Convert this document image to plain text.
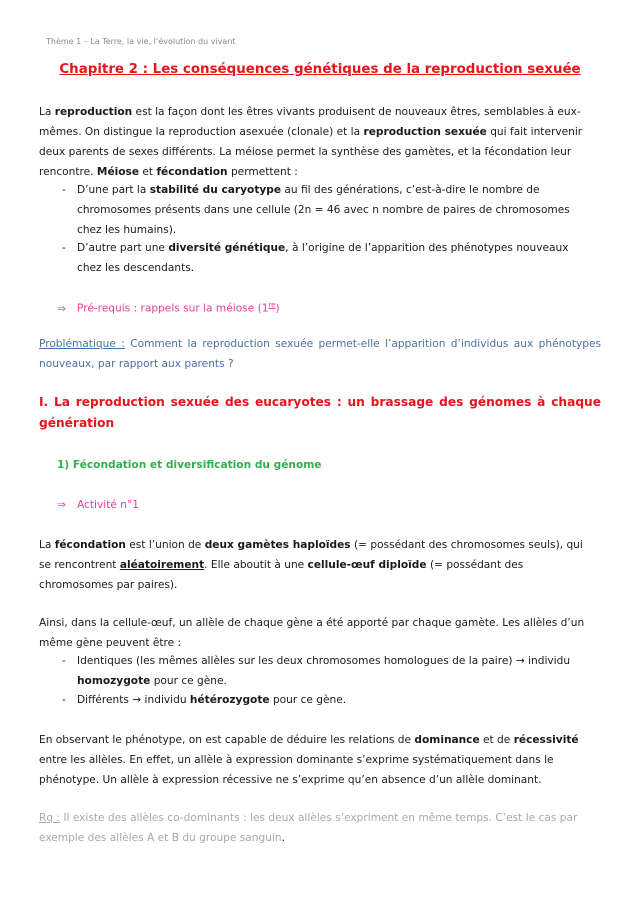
Thème 1 – La Terre, la vie, l’évolution du vivant
Chapitre 2 : Les conséquences génétiques de la reproduction sexuée
La reproduction est la façon dont les êtres vivants produisent de nouveaux êtres, semblables à eux-
mêmes. On distingue la reproduction asexuée (clonale) et la reproduction sexuée qui fait intervenir
deux parents de sexes différents. La méiose permet la synthèse des gamètes, et la fécondation leur
rencontre. Méiose et fécondation permettent :
- D’une part la stabilité du caryotype au fil des générations, c’est-à-dire le nombre de
chromosomes présents dans une cellule (2n = 46 avec n nombre de paires de chromosomes
chez les humains).
- D’autre part une diversité génétique, à l’origine de l’apparition des phénotypes nouveaux
chez les descendants.
⇒ Pré-requis : rappels sur la méiose (1re)
Problématique : Comment la reproduction sexuée permet-elle l’apparition d’individus aux phénotypes
nouveaux, par rapport aux parents ?
I. La reproduction sexuée des eucaryotes : un brassage des génomes à chaque
génération
1) Fécondation et diversification du génome
⇒ Activité n°1
La fécondation est l’union de deux gamètes haploïdes (= possédant des chromosomes seuls), qui
se rencontrent aléatoirement. Elle aboutit à une cellule-œuf diploïde (= possédant des
chromosomes par paires).
Ainsi, dans la cellule-œuf, un allèle de chaque gène a été apporté par chaque gamète. Les allèles d’un
même gène peuvent être :
- Identiques (les mêmes allèles sur les deux chromosomes homologues de la paire) → individu
homozygote pour ce gène.
- Différents → individu hétérozygote pour ce gène.
En observant le phénotype, on est capable de déduire les relations de dominance et de récessivité
entre les allèles. En effet, un allèle à expression dominante s’exprime systématiquement dans le
phénotype. Un allèle à expression récessive ne s’exprime qu’en absence d’un allèle dominant.
Rq : Il existe des allèles co-dominants : les deux allèles s’expriment en même temps. C’est le cas par
exemple des allèles A et B du groupe sanguin.
